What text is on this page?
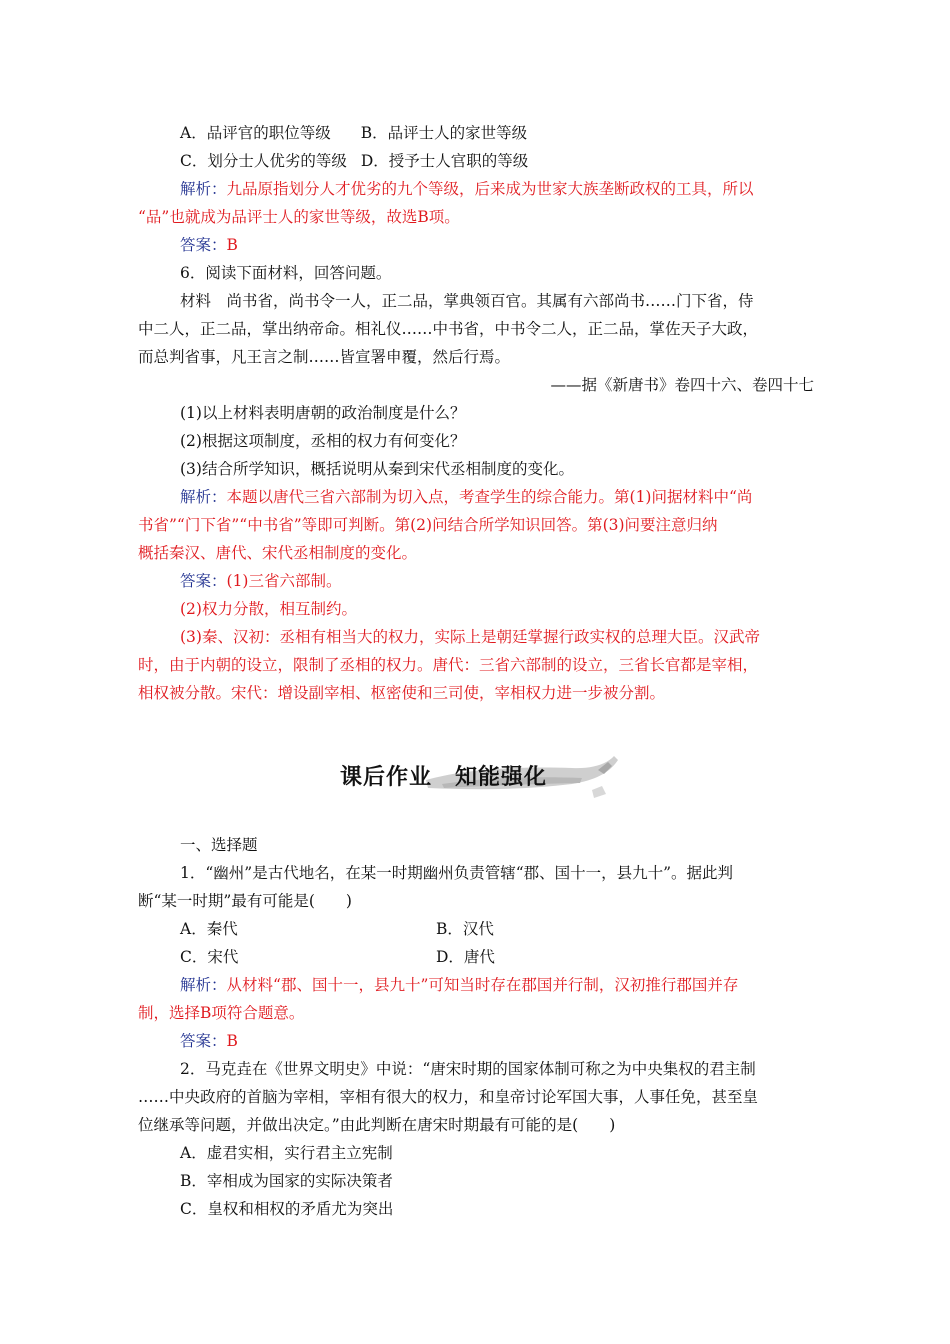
A．品评官的职位等级 B．品评士人的家世等级
C．划分士人优劣的等级 D．授予士人官职的等级
解析：九品原指划分人才优劣的九个等级，后来成为世家大族垄断政权的工具，所以
“品”也就成为品评士人的家世等级，故选B项。
答案：B
6．阅读下面材料，回答问题。
材料　尚书省，尚书令一人，正二品，掌典领百官。其属有六部尚书……门下省，侍
中二人，正二品，掌出纳帝命。相礼仪……中书省，中书令二人，正二品，掌佐天子大政，
而总判省事，凡王言之制……皆宣署申覆，然后行焉。
——据《新唐书》卷四十六、卷四十七
(1)以上材料表明唐朝的政治制度是什么？
(2)根据这项制度，丞相的权力有何变化？
(3)结合所学知识，概括说明从秦到宋代丞相制度的变化。
解析：本题以唐代三省六部制为切入点，考查学生的综合能力。第(1)问据材料中“尚
书省”“门下省”“中书省”等即可判断。第(2)问结合所学知识回答。第(3)问要注意归纳
概括秦汉、唐代、宋代丞相制度的变化。
答案：(1)三省六部制。
(2)权力分散，相互制约。
(3)秦、汉初：丞相有相当大的权力，实际上是朝廷掌握行政实权的总理大臣。汉武帝
时，由于内朝的设立，限制了丞相的权力。唐代：三省六部制的设立，三省长官都是宰相，
相权被分散。宋代：增设副宰相、枢密使和三司使，宰相权力进一步被分割。
课后作业　知能强化
一、选择题
1．“幽州”是古代地名，在某一时期幽州负责管辖“郡、国十一，县九十”。据此判
断“某一时期”最有可能是(　　)
A．秦代	B．汉代
C．宋代	D．唐代
解析：从材料“郡、国十一，县九十”可知当时存在郡国并行制，汉初推行郡国并存
制，选择B项符合题意。
答案：B
2．马克垚在《世界文明史》中说：“唐宋时期的国家体制可称之为中央集权的君主制
……中央政府的首脑为宰相，宰相有很大的权力，和皇帝讨论军国大事，人事任免，甚至皇
位继承等问题，并做出决定。”由此判断在唐宋时期最有可能的是(　　)
A．虚君实相，实行君主立宪制
B．宰相成为国家的实际决策者
C．皇权和相权的矛盾尤为突出
